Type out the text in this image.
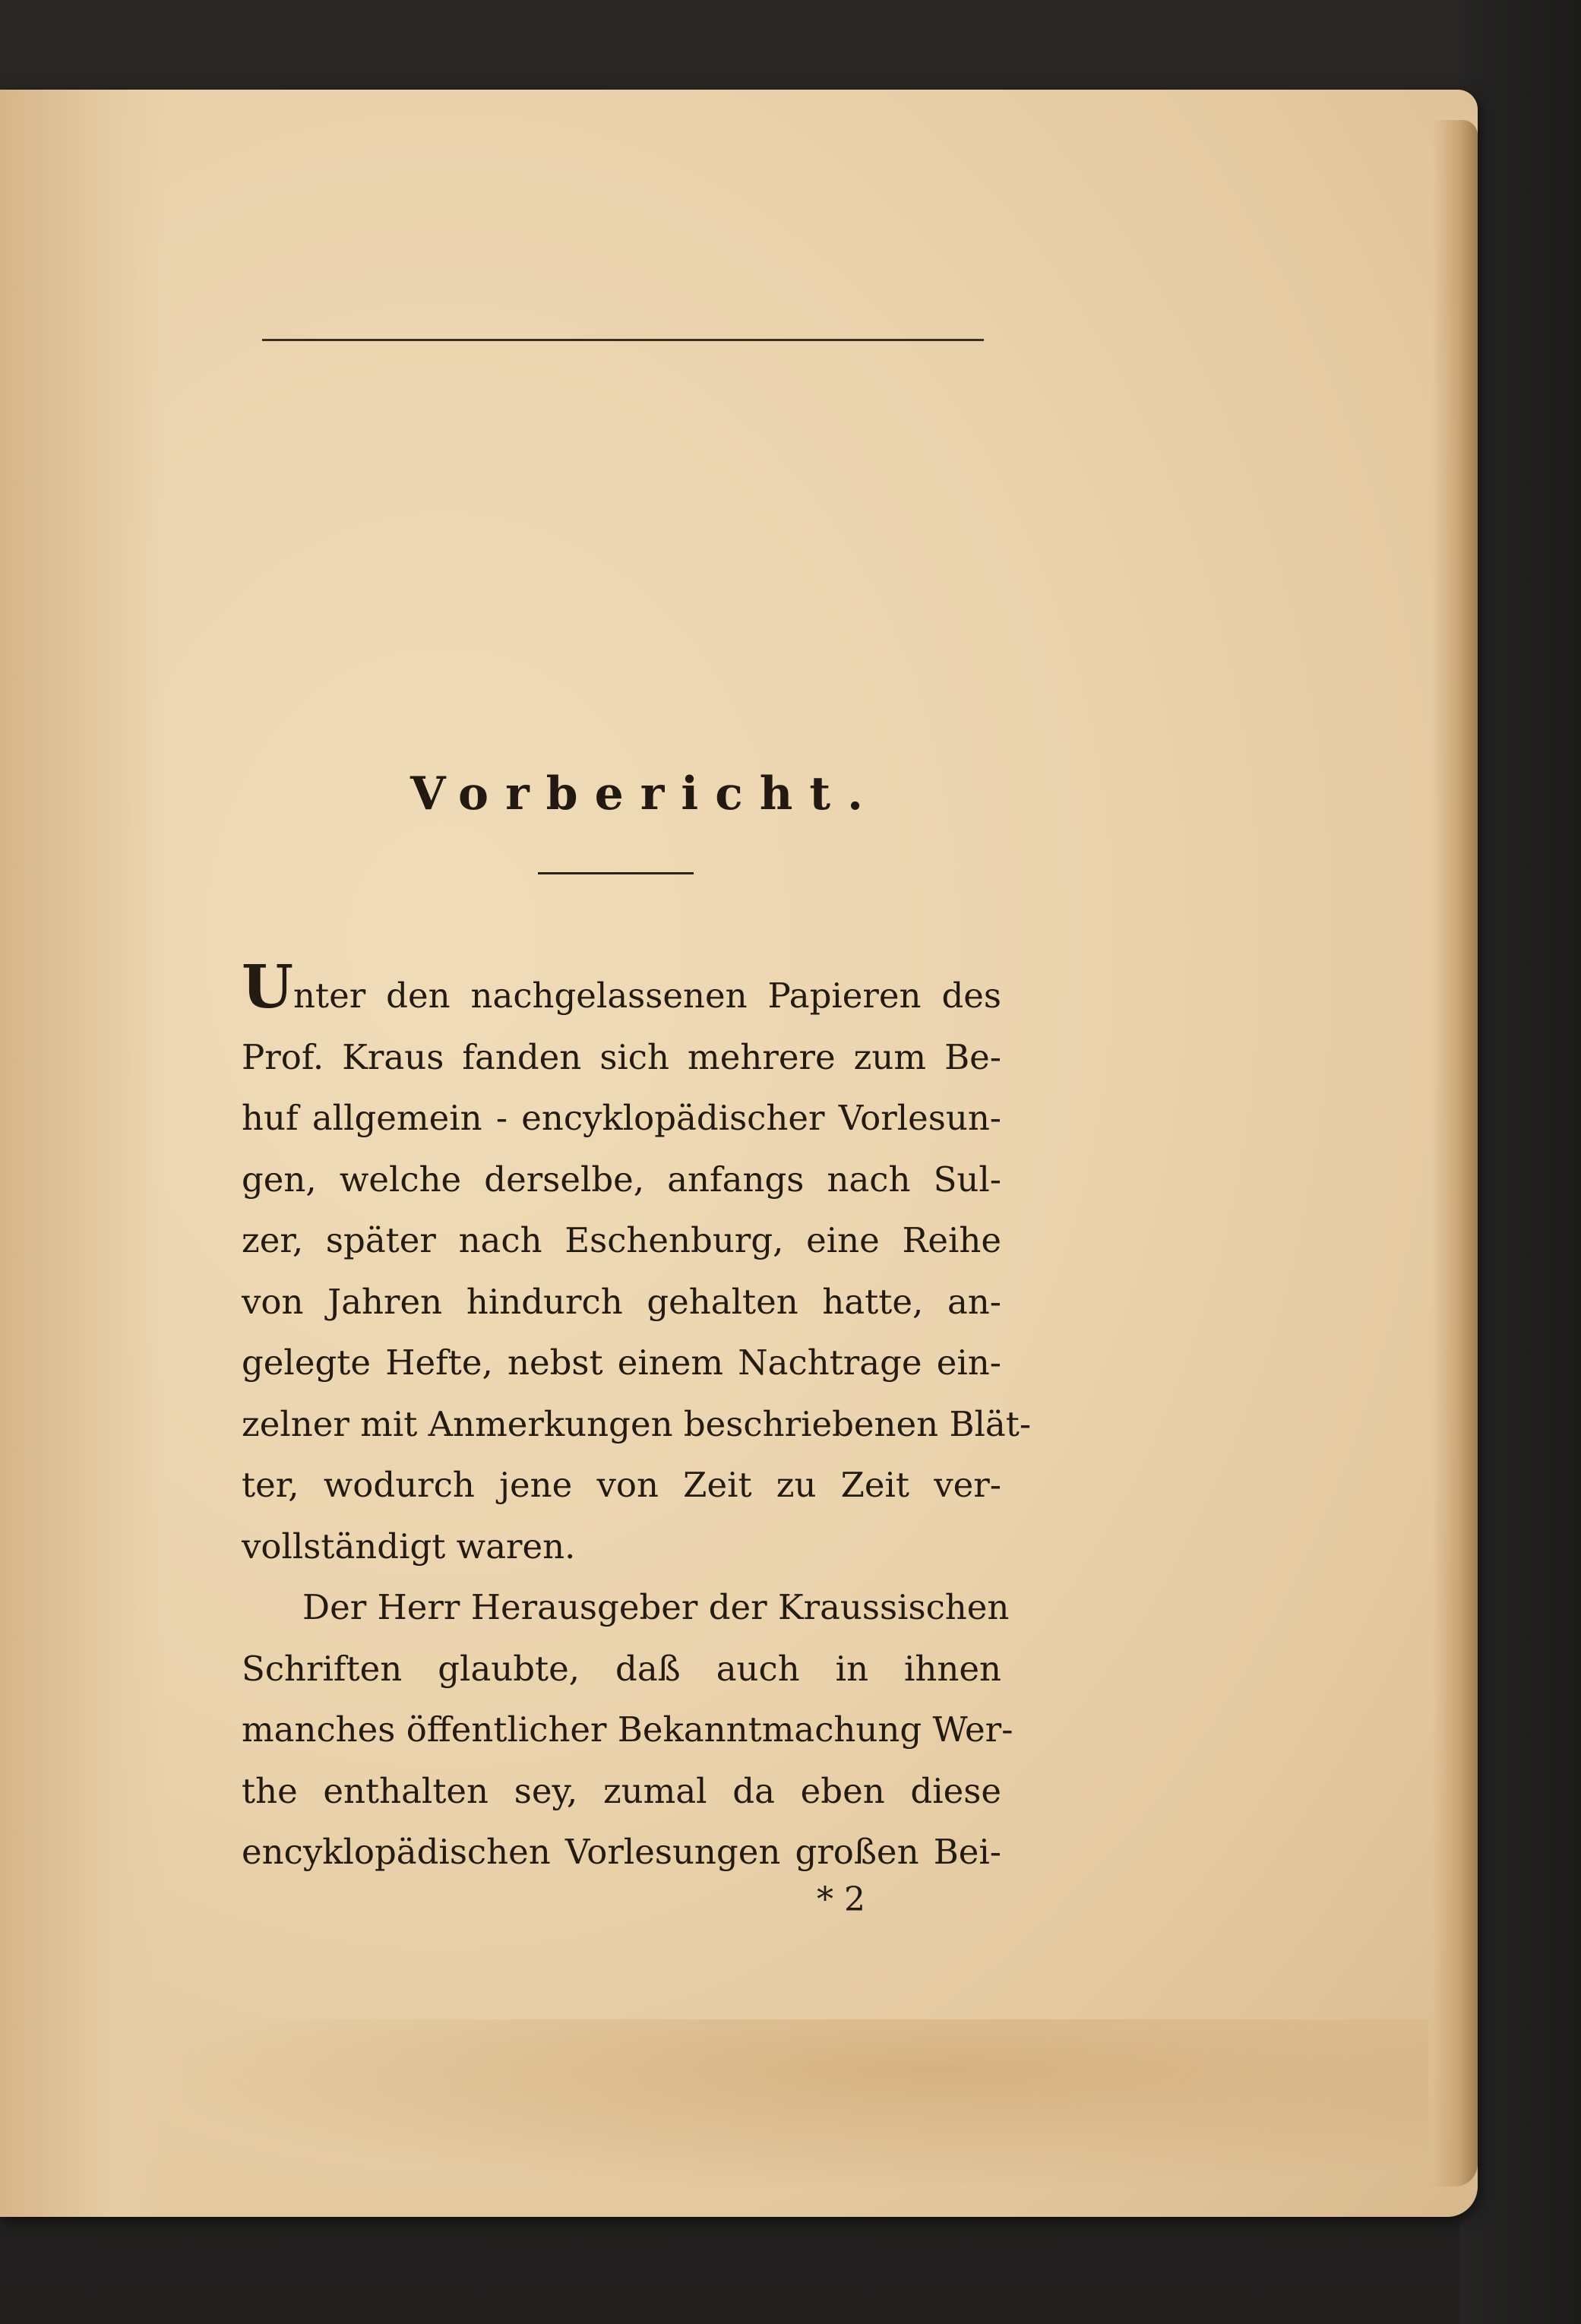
Vorbericht.
Unter den nachgelassenen Papieren des
Prof. Kraus fanden sich mehrere zum Be-
huf allgemein - encyklopädischer Vorlesun-
gen, welche derselbe, anfangs nach Sul-
zer, später nach Eschenburg, eine Reihe
von Jahren hindurch gehalten hatte, an-
gelegte Hefte, nebst einem Nachtrage ein-
zelner mit Anmerkungen beschriebenen Blät-
ter, wodurch jene von Zeit zu Zeit ver-
vollständigt waren.
Der Herr Herausgeber der Kraussischen
Schriften glaubte, daß auch in ihnen
manches öffentlicher Bekanntmachung Wer-
the enthalten sey, zumal da eben diese
encyklopädischen Vorlesungen großen Bei-
* 2
